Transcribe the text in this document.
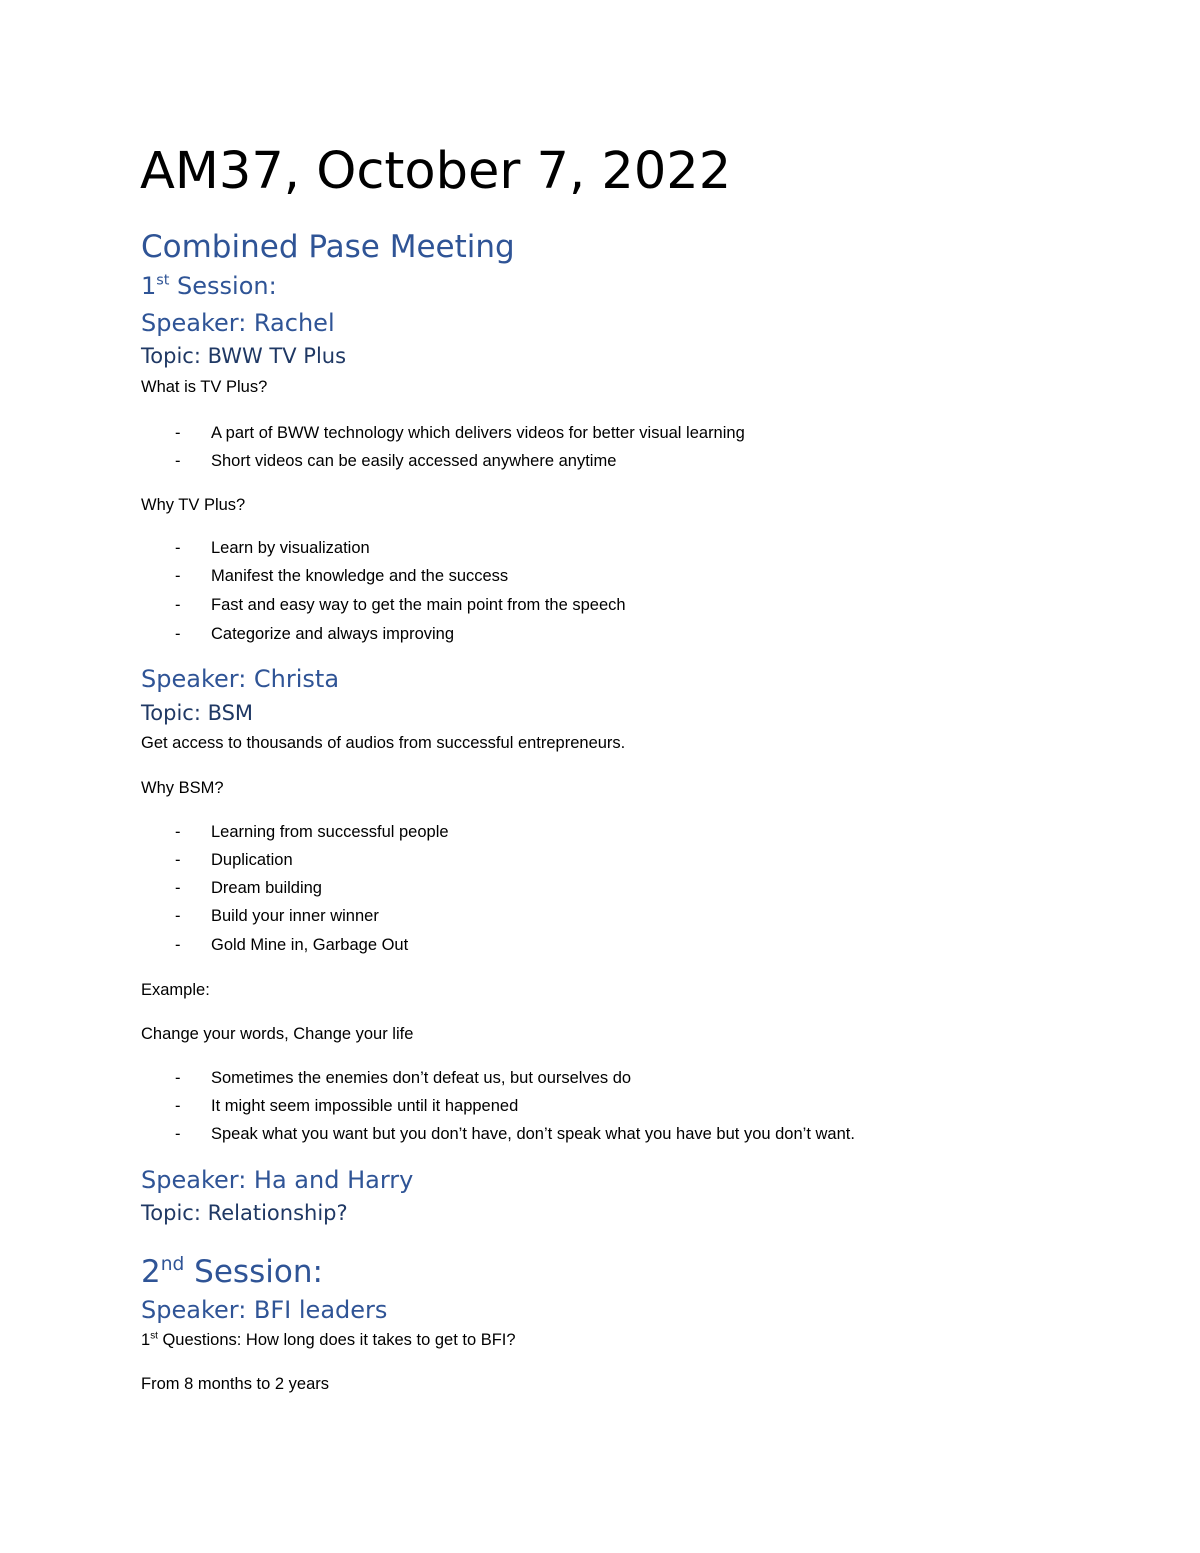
AM37, October 7, 2022
Combined Pase Meeting
1st Session:
Speaker: Rachel
Topic: BWW TV Plus

What is TV Plus?

- A part of BWW technology which delivers videos for better visual learning
- Short videos can be easily accessed anywhere anytime

Why TV Plus?

- Learn by visualization
- Manifest the knowledge and the success
- Fast and easy way to get the main point from the speech
- Categorize and always improving
Speaker: Christa
Topic: BSM

Get access to thousands of audios from successful entrepreneurs.

Why BSM?

- Learning from successful people
- Duplication
- Dream building
- Build your inner winner
- Gold Mine in, Garbage Out

Example:

Change your words, Change your life

- Sometimes the enemies don’t defeat us, but ourselves do
- It might seem impossible until it happened
- Speak what you want but you don’t have, don’t speak what you have but you don’t want.
Speaker: Ha and Harry
Topic: Relationship?
2nd Session:
Speaker: BFI leaders

1st Questions: How long does it takes to get to BFI?

From 8 months to 2 years
